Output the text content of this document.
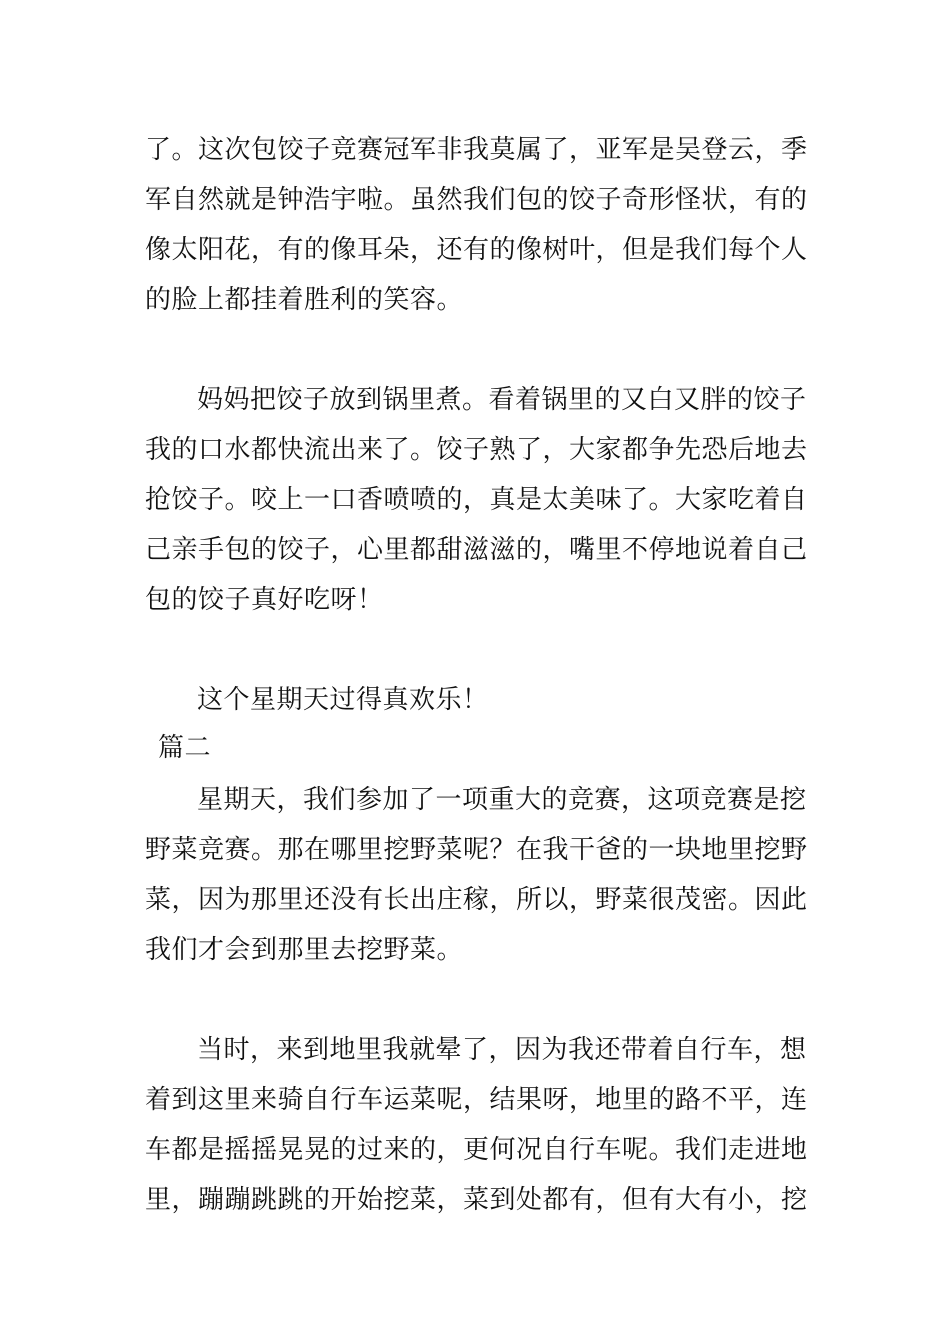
了。这次包饺子竞赛冠军非我莫属了，亚军是吴登云，季
军自然就是钟浩宇啦。虽然我们包的饺子奇形怪状，有的
像太阳花，有的像耳朵，还有的像树叶，但是我们每个人
的脸上都挂着胜利的笑容。
妈妈把饺子放到锅里煮。看着锅里的又白又胖的饺子
我的口水都快流出来了。饺子熟了，大家都争先恐后地去
抢饺子。咬上一口香喷喷的，真是太美味了。大家吃着自
己亲手包的饺子，心里都甜滋滋的，嘴里不停地说着自己
包的饺子真好吃呀！
这个星期天过得真欢乐！
篇二
星期天，我们参加了一项重大的竞赛，这项竞赛是挖
野菜竞赛。那在哪里挖野菜呢？在我干爸的一块地里挖野
菜，因为那里还没有长出庄稼，所以，野菜很茂密。因此
我们才会到那里去挖野菜。
当时，来到地里我就晕了，因为我还带着自行车，想
着到这里来骑自行车运菜呢，结果呀，地里的路不平，连
车都是摇摇晃晃的过来的，更何况自行车呢。我们走进地
里，蹦蹦跳跳的开始挖菜，菜到处都有，但有大有小，挖
